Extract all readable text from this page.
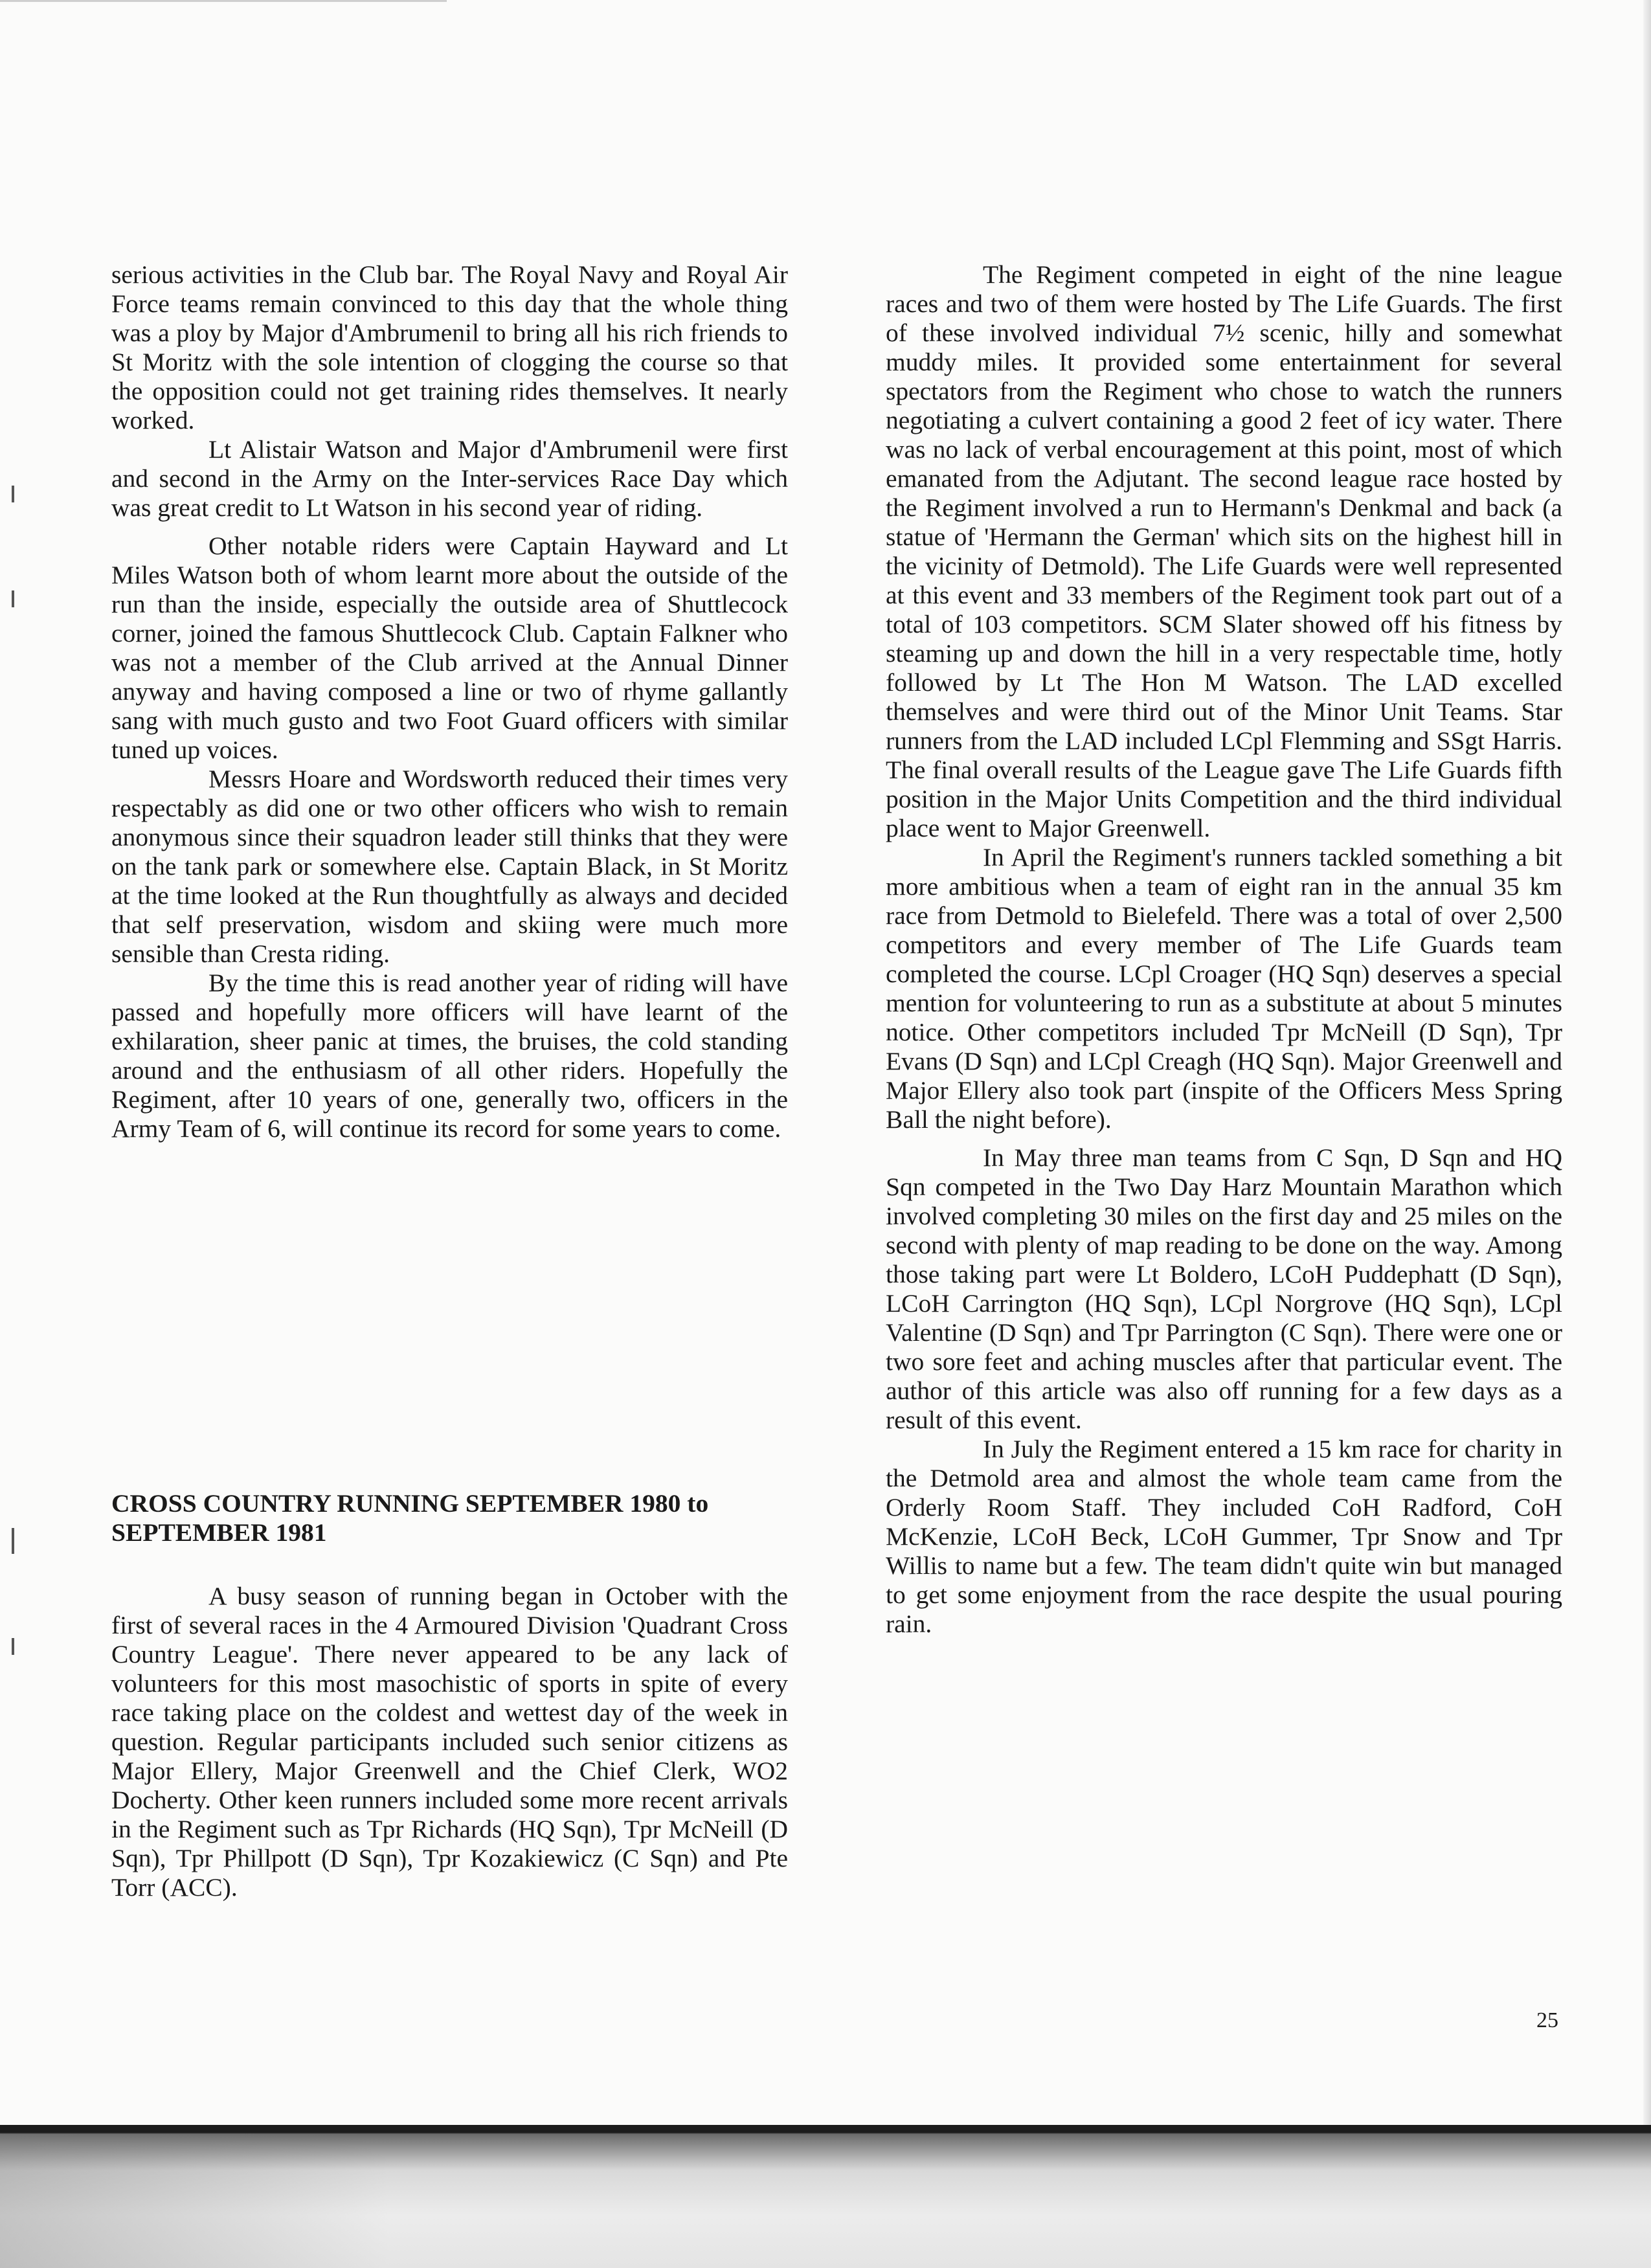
serious activities in the Club bar. The Royal Navy and Royal Air Force teams remain convinced to this day that the whole thing was a ploy by Major d'Ambrumenil to bring all his rich friends to St Moritz with the sole intention of clogging the course so that the opposition could not get training rides themselves. It nearly worked.

Lt Alistair Watson and Major d'Ambrumenil were first and second in the Army on the Inter-services Race Day which was great credit to Lt Watson in his second year of riding.

Other notable riders were Captain Hayward and Lt Miles Watson both of whom learnt more about the outside of the run than the inside, especially the outside area of Shuttlecock corner, joined the famous Shuttlecock Club. Captain Falkner who was not a member of the Club arrived at the Annual Dinner anyway and having composed a line or two of rhyme gallantly sang with much gusto and two Foot Guard officers with similar tuned up voices.

Messrs Hoare and Wordsworth reduced their times very respectably as did one or two other officers who wish to remain anonymous since their squadron leader still thinks that they were on the tank park or somewhere else. Captain Black, in St Moritz at the time looked at the Run thoughtfully as always and decided that self preservation, wisdom and skiing were much more sensible than Cresta riding.

By the time this is read another year of riding will have passed and hopefully more officers will have learnt of the exhilaration, sheer panic at times, the bruises, the cold standing around and the enthusiasm of all other riders. Hopefully the Regiment, after 10 years of one, generally two, officers in the Army Team of 6, will continue its record for some years to come.

CROSS COUNTRY RUNNING SEPTEMBER 1980 to SEPTEMBER 1981

A busy season of running began in October with the first of several races in the 4 Armoured Division 'Quadrant Cross Country League'. There never appeared to be any lack of volunteers for this most masochistic of sports in spite of every race taking place on the coldest and wettest day of the week in question. Regular participants included such senior citizens as Major Ellery, Major Greenwell and the Chief Clerk, WO2 Docherty. Other keen runners included some more recent arrivals in the Regiment such as Tpr Richards (HQ Sqn), Tpr McNeill (D Sqn), Tpr Phillpott (D Sqn), Tpr Kozakiewicz (C Sqn) and Pte Torr (ACC).

The Regiment competed in eight of the nine league races and two of them were hosted by The Life Guards. The first of these involved individual 7½ scenic, hilly and somewhat muddy miles. It provided some entertainment for several spectators from the Regiment who chose to watch the runners negotiating a culvert containing a good 2 feet of icy water. There was no lack of verbal encouragement at this point, most of which emanated from the Adjutant. The second league race hosted by the Regiment involved a run to Hermann's Denkmal and back (a statue of 'Hermann the German' which sits on the highest hill in the vicinity of Detmold). The Life Guards were well represented at this event and 33 members of the Regiment took part out of a total of 103 competitors. SCM Slater showed off his fitness by steaming up and down the hill in a very respectable time, hotly followed by Lt The Hon M Watson. The LAD excelled themselves and were third out of the Minor Unit Teams. Star runners from the LAD included LCpl Flemming and SSgt Harris. The final overall results of the League gave The Life Guards fifth position in the Major Units Competition and the third individual place went to Major Greenwell.

In April the Regiment's runners tackled something a bit more ambitious when a team of eight ran in the annual 35 km race from Detmold to Bielefeld. There was a total of over 2,500 competitors and every member of The Life Guards team completed the course. LCpl Croager (HQ Sqn) deserves a special mention for volunteering to run as a substitute at about 5 minutes notice. Other competitors included Tpr McNeill (D Sqn), Tpr Evans (D Sqn) and LCpl Creagh (HQ Sqn). Major Greenwell and Major Ellery also took part (inspite of the Officers Mess Spring Ball the night before).

In May three man teams from C Sqn, D Sqn and HQ Sqn competed in the Two Day Harz Mountain Marathon which involved completing 30 miles on the first day and 25 miles on the second with plenty of map reading to be done on the way. Among those taking part were Lt Boldero, LCoH Puddephatt (D Sqn), LCoH Carrington (HQ Sqn), LCpl Norgrove (HQ Sqn), LCpl Valentine (D Sqn) and Tpr Parrington (C Sqn). There were one or two sore feet and aching muscles after that particular event. The author of this article was also off running for a few days as a result of this event.

In July the Regiment entered a 15 km race for charity in the Detmold area and almost the whole team came from the Orderly Room Staff. They included CoH Radford, CoH McKenzie, LCoH Beck, LCoH Gummer, Tpr Snow and Tpr Willis to name but a few. The team didn't quite win but managed to get some enjoyment from the race despite the usual pouring rain.

25
